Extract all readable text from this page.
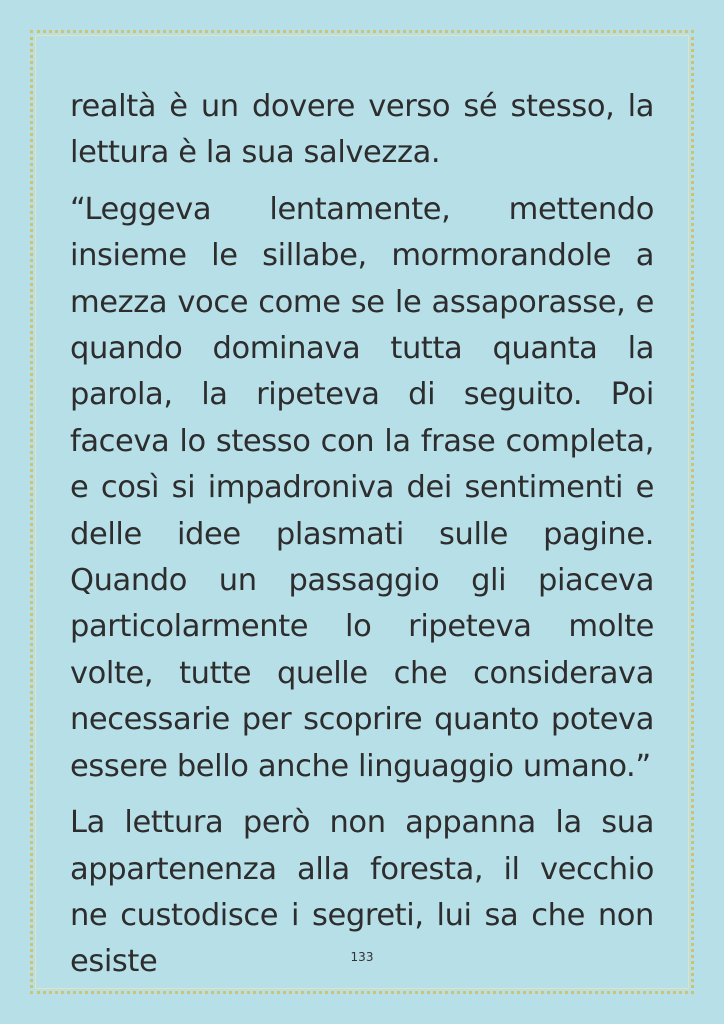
realtà è un dovere verso sé stesso, la lettura è la sua salvezza.

“Leggeva lentamente, mettendo insieme le sillabe, mormorandole a mezza voce come se le assaporasse, e quando dominava tutta quanta la parola, la ripeteva di seguito. Poi faceva lo stesso con la frase completa, e così si impadroniva dei sentimenti e delle idee plasmati sulle pagine. Quando un passaggio gli piaceva particolarmente lo ripeteva molte volte, tutte quelle che considerava necessarie per scoprire quanto poteva essere bello anche linguaggio umano.”

La lettura però non appanna la sua appartenenza alla foresta, il vecchio ne custodisce i segreti, lui sa che non esiste	133
